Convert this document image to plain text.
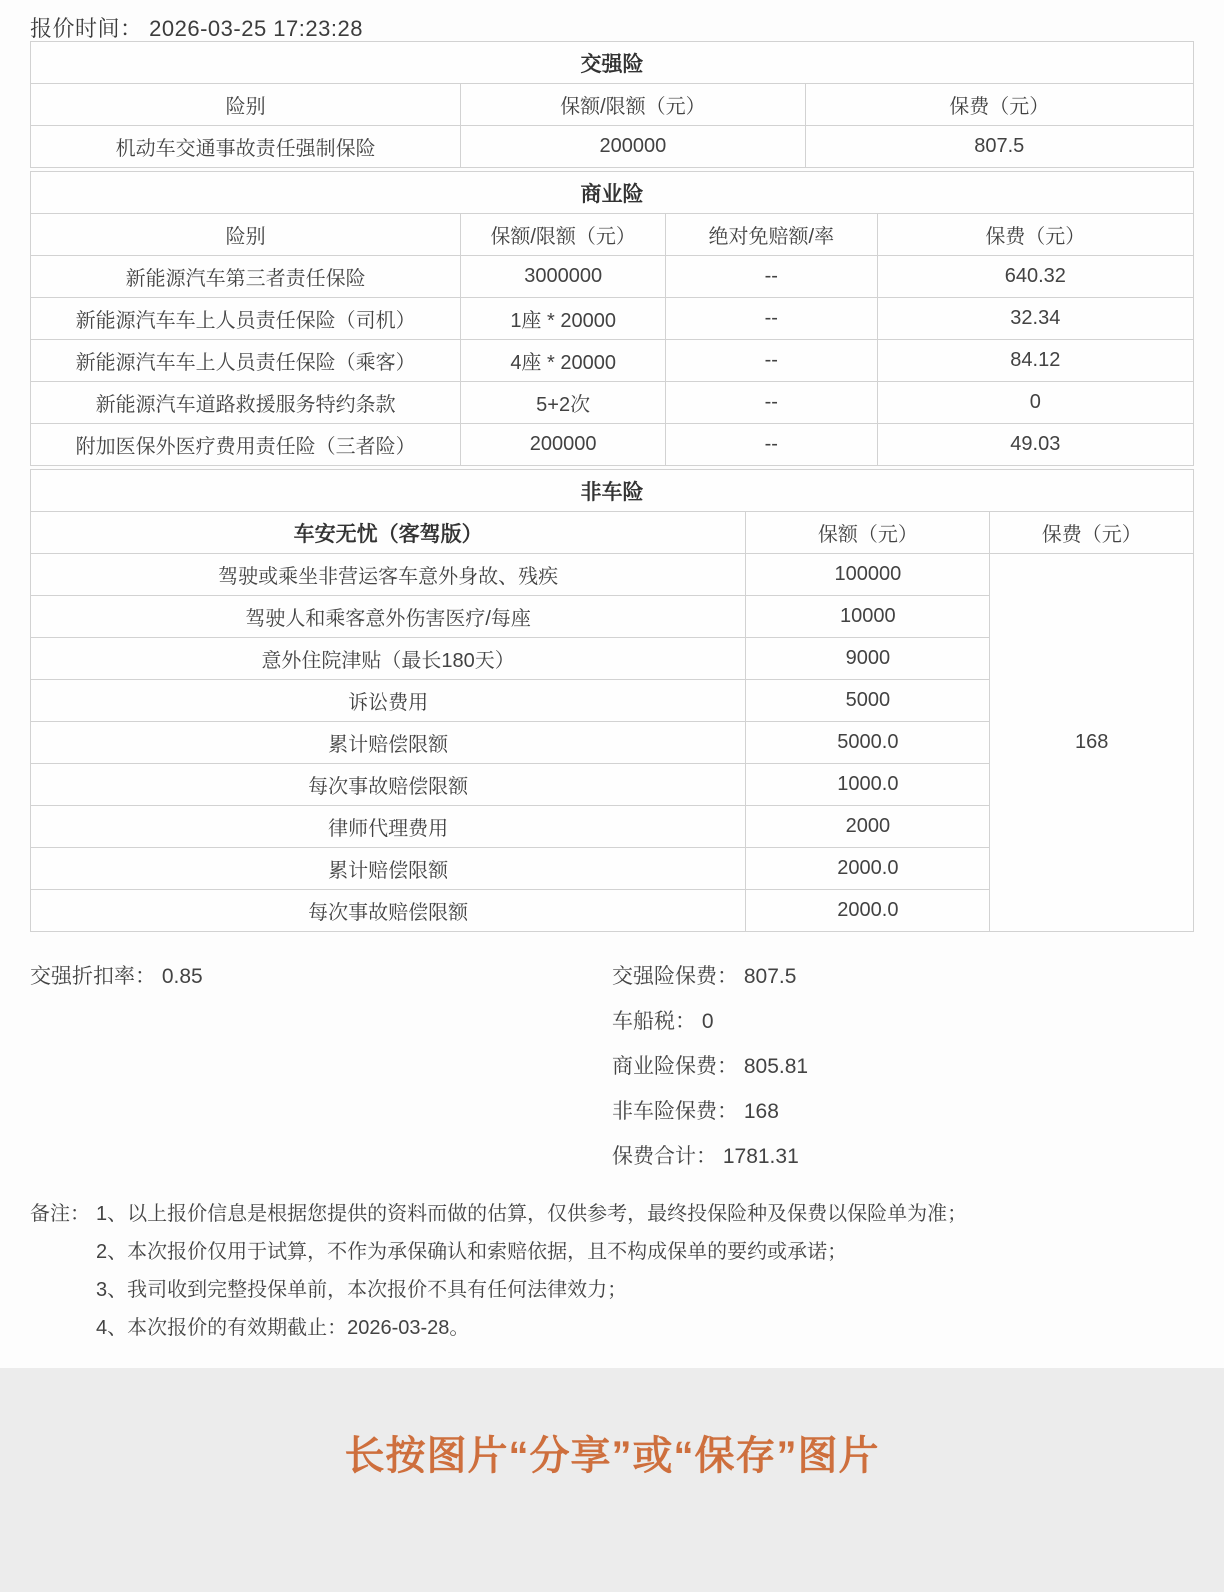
报价时间： 2026-03-25 17:23:28
交强险		
险别	保额/限额（元）	保费（元）
机动车交通事故责任强制保险	200000	807.5
商业险			
险别	保额/限额（元）	绝对免赔额/率	保费（元）
新能源汽车第三者责任保险	3000000	--	640.32
新能源汽车车上人员责任保险（司机）	1座 * 20000	--	32.34
新能源汽车车上人员责任保险（乘客）	4座 * 20000	--	84.12
新能源汽车道路救援服务特约条款	5+2次	--	0
附加医保外医疗费用责任险（三者险）	200000	--	49.03
非车险		
车安无忧（客驾版）	保额（元）	保费（元）
驾驶或乘坐非营运客车意外身故、残疾	100000	168
驾驶人和乘客意外伤害医疗/每座	10000	
意外住院津贴（最长180天）	9000	
诉讼费用	5000	
累计赔偿限额	5000.0	
每次事故赔偿限额	1000.0	
律师代理费用	2000	
累计赔偿限额	2000.0	
每次事故赔偿限额	2000.0	
交强折扣率： 0.85	交强险保费： 807.5
车船税： 0
商业险保费： 805.81
非车险保费： 168
保费合计： 1781.31
备注： 1、以上报价信息是根据您提供的资料而做的估算，仅供参考，最终投保险种及保费以保险单为准；
2、本次报价仅用于试算，不作为承保确认和索赔依据，且不构成保单的要约或承诺；
3、我司收到完整投保单前，本次报价不具有任何法律效力；
4、本次报价的有效期截止：2026-03-28。
长按图片“分享”或“保存”图片
